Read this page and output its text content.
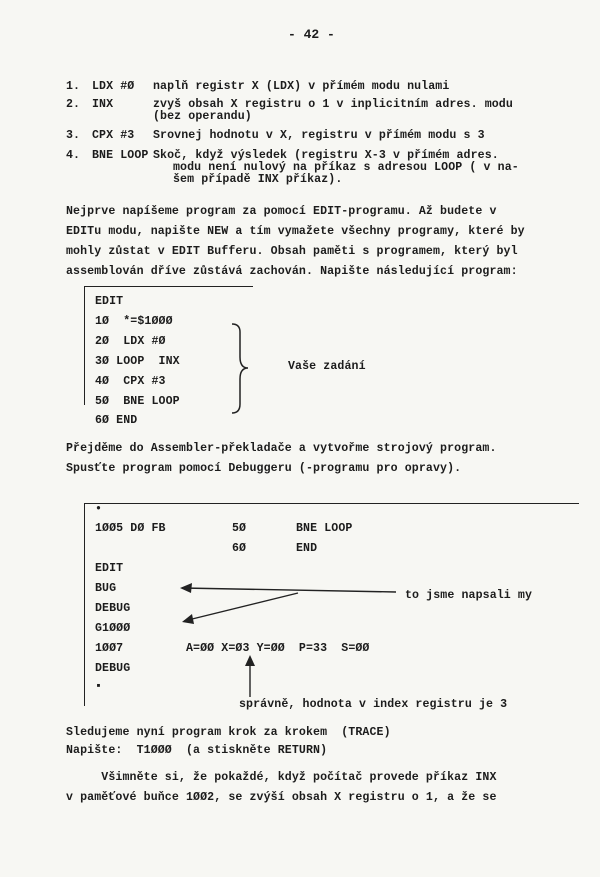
- 42 -
1. LDX #Ø naplň registr X (LDX) v přímém modu nulami
2. INX	zvyš obsah X registru o 1 v inplicitním adres. modu
(bez operandu)
3. CPX #3 Srovnej hodnotu v X, registru v přímém modu s 3
4. BNE LOOP Skoč, když výsledek (registru X-3 v přímém adres.
modu není nulový na příkaz s adresou LOOP ( v na-
šem případě INX příkaz).
Nejprve napíšeme program za pomocí EDIT-programu. Až budete v
EDITu modu, napište NEW a tím vymažete všechny programy, které by
mohly zůstat v EDIT Bufferu. Obsah paměti s programem, který byl
assemblován dříve zůstává zachován. Napište následující program:
EDIT
1Ø  *=$1ØØØ
2Ø  LDX #Ø
3Ø LOOP  INX
4Ø  CPX #3
5Ø  BNE LOOP
6Ø END
Vaše zadání
Přejděme do Assembler-překladače a vytvořme strojový program.
Spusťte program pomocí Debuggeru (-programu pro opravy).
•
1ØØ5 DØ FB	5Ø	BNE LOOP
6Ø	END
EDIT
BUG
DEBUG
G1ØØØ
1ØØ7	A=ØØ X=Ø3 Y=ØØ  P=33  S=ØØ
DEBUG
▪
to jsme napsali my
správně, hodnota v index registru je 3
Sledujeme nyní program krok za krokem  (TRACE)
Napište:  T1ØØØ  (a stiskněte RETURN)
Všimněte si, že pokaždé, když počítač provede příkaz INX
v paměťové buňce 1ØØ2, se zvýší obsah X registru o 1, a že se
